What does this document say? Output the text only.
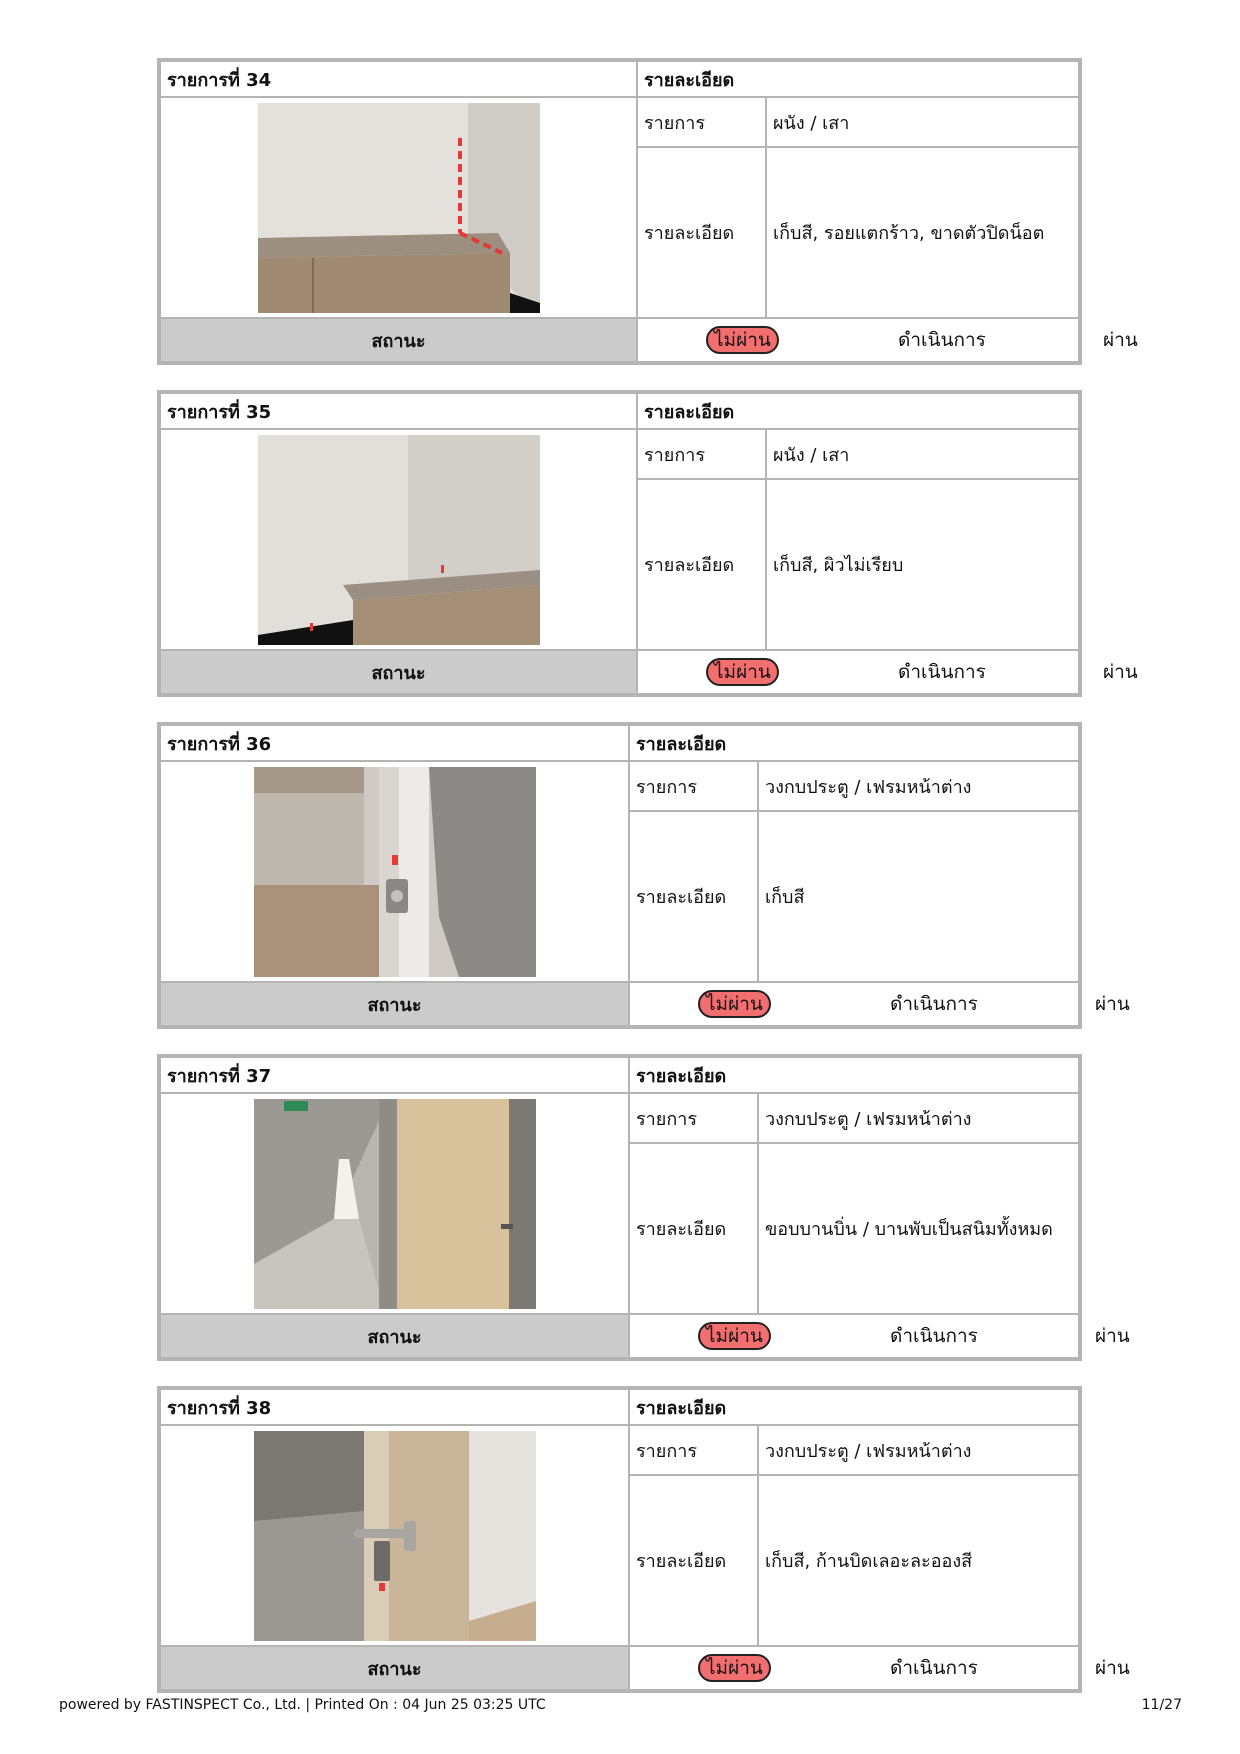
รายการที่ 34	รายละเอียด	
	รายการ	ผนัง / เสา
	รายละเอียด	เก็บสี, รอยแตกร้าว, ขาดตัวปิดน็อต
สถานะ	ไม่ผ่าน ดำเนินการ ผ่าน	
รายการที่ 35	รายละเอียด	
	รายการ	ผนัง / เสา
	รายละเอียด	เก็บสี, ผิวไม่เรียบ
สถานะ	ไม่ผ่าน ดำเนินการ ผ่าน	
รายการที่ 36	รายละเอียด	
	รายการ	วงกบประตู / เฟรมหน้าต่าง
	รายละเอียด	เก็บสี
สถานะ	ไม่ผ่าน ดำเนินการ ผ่าน	
รายการที่ 37	รายละเอียด	
	รายการ	วงกบประตู / เฟรมหน้าต่าง
	รายละเอียด	ขอบบานบิ่น / บานพับเป็นสนิมทั้งหมด
สถานะ	ไม่ผ่าน ดำเนินการ ผ่าน	
รายการที่ 38	รายละเอียด	
	รายการ	วงกบประตู / เฟรมหน้าต่าง
	รายละเอียด	เก็บสี, ก้านบิดเลอะละอองสี
สถานะ	ไม่ผ่าน ดำเนินการ ผ่าน	
powered by FASTINSPECT Co., Ltd. | Printed On : 04 Jun 25 03:25 UTC	11/27
